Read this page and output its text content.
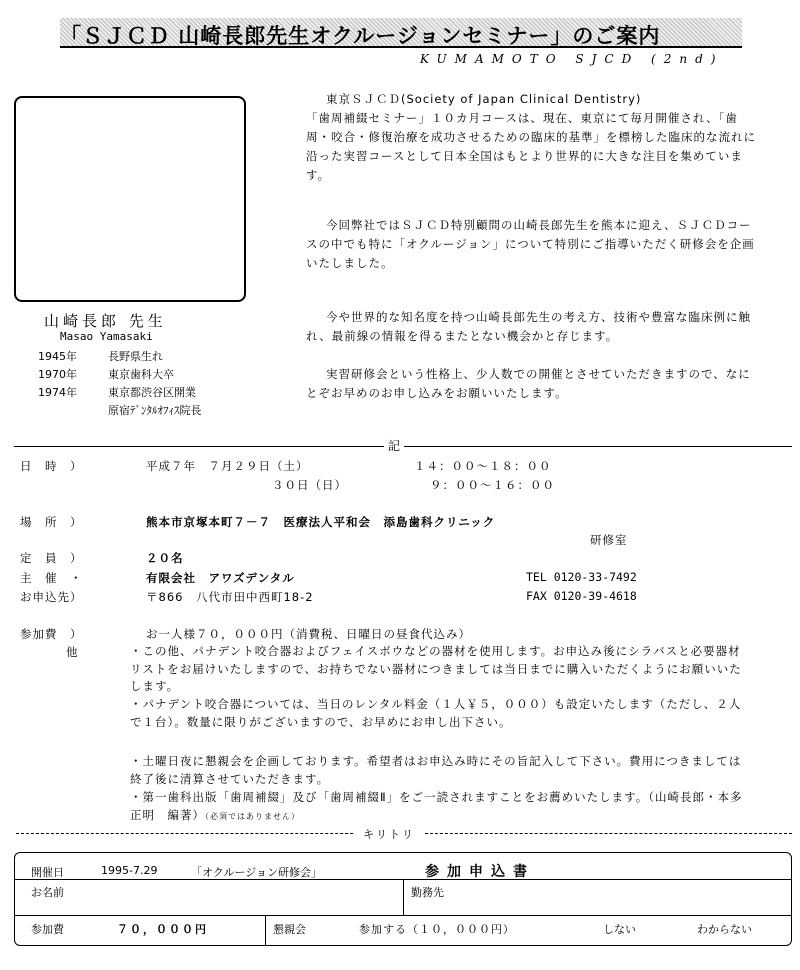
「ＳＪＣＤ 山崎長郎先生オクルージョンセミナー」のご案内
KUMAMOTO SJCD (2nd)
山崎長郎 先生
Masao Yamasaki
1945年	長野県生れ
1970年	東京歯科大卒
1974年	東京都渋谷区開業
原宿ﾃﾞﾝﾀﾙｵﾌｨｽ院長

東京ＳＪＣＤ(Society of Japan Clinical Dentistry)

「歯周補綴セミナー」１０カ月コースは、現在、東京にて毎月開催され、「歯周・咬合・修復治療を成功させるための臨床的基準」を標榜した臨床的な流れに沿った実習コースとして日本全国はもとより世界的に大きな注目を集めています。

今回弊社ではＳＪＣＤ特別顧問の山崎長郎先生を熊本に迎え、ＳＪＣＤコースの中でも特に「オクルージョン」について特別にご指導いただく研修会を企画いたしました。
今や世界的な知名度を持つ山崎長郎先生の考え方、技術や豊富な臨床例に触れ、最前線の情報を得るまたとない機会かと存じます。
実習研修会という性格上、少人数での開催とさせていただきますので、なにとぞお早めのお申し込みをお願いいたします。
記
日　時　）	平成７年　７月２９日（土）	１４：００～１８：００
３０日（日）	９：００～１６：００
場　所　）	熊本市京塚本町７－７　医療法人平和会　添島歯科クリニック
研修室
定　員　）	２０名
主　催　・	有限会社　アワズデンタル	TEL 0120-33-7492
お申込先）	〒866　八代市田中西町18-2	FAX 0120-39-4618
参加費　）	お一人様７０，０００円（消費税、日曜日の昼食代込み）
他	・この他、パナデント咬合器およびフェイスボウなどの器材を使用します。お申込み後にシラバスと必要器材リストをお届けいたしますので、お持ちでない器材につきましては当日までに購入いただくようにお願いいたします。
・パナデント咬合器については、当日のレンタル料金（１人￥５，０００）も設定いたします（ただし、２人で１台）。数量に限りがございますので、お早めにお申し出下さい。
・土曜日夜に懇親会を企画しております。希望者はお申込み時にその旨記入して下さい。費用につきましては終了後に清算させていただきます。
・第一歯科出版「歯周補綴」及び「歯周補綴Ⅱ」をご一読されますことをお薦めいたします。（山崎長郎・本多正明　編著）（必須ではありません）
キリトリ
開催日	1995-7.29	「オクルージョン研修会」	参加申込書
お名前	勤務先
参加費	７０，０００円	懇親会	参加する（１０，０００円）	しない	わからない
